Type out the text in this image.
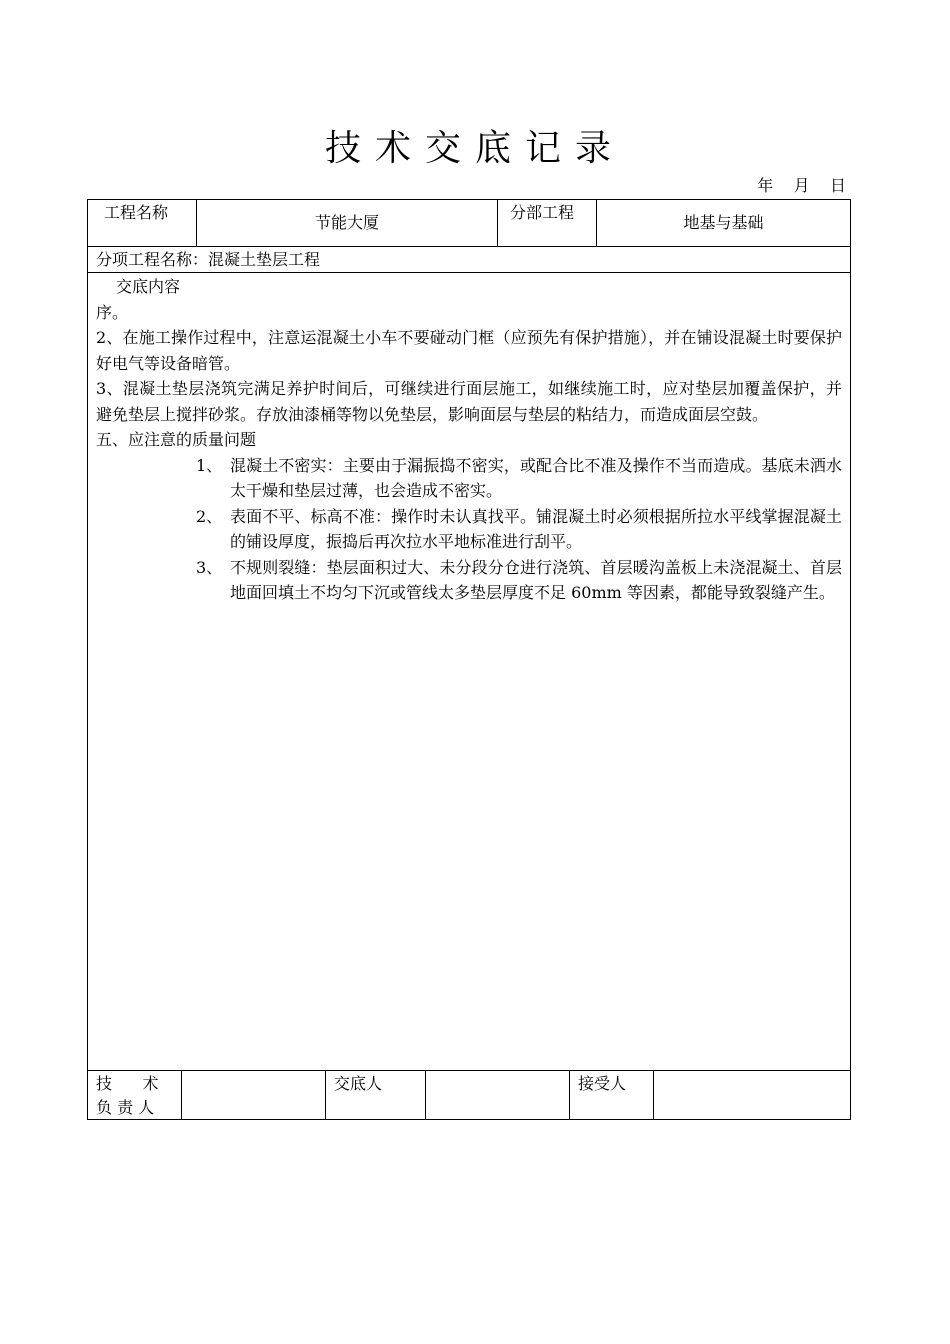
技术交底记录
年    月    日
工程名称
节能大厦
分部工程
地基与基础
分项工程名称：混凝土垫层工程

交底内容

序。

2、在施工操作过程中，注意运混凝土小车不要碰动门框（应预先有保护措施），并在铺设混凝土时要保护好电气等设备暗管。

3、混凝土垫层浇筑完满足养护时间后，可继续进行面层施工，如继续施工时，应对垫层加覆盖保护，并避免垫层上搅拌砂浆。存放油漆桶等物以免垫层，影响面层与垫层的粘结力，而造成面层空鼓。

五、应注意的质量问题

1、 混凝土不密实：主要由于漏振捣不密实，或配合比不准及操作不当而造成。基底未洒水太干燥和垫层过薄，也会造成不密实。
2、 表面不平、标高不准：操作时未认真找平。铺混凝土时必须根据所拉水平线掌握混凝土的铺设厚度，振捣后再次拉水平地标准进行刮平。
3、 不规则裂缝：垫层面积过大、未分段分仓进行浇筑、首层暖沟盖板上未浇混凝土、首层地面回填土不均匀下沉或管线太多垫层厚度不足 60mm 等因素，都能导致裂缝产生。
技      术
负 责 人
交底人	接受人
